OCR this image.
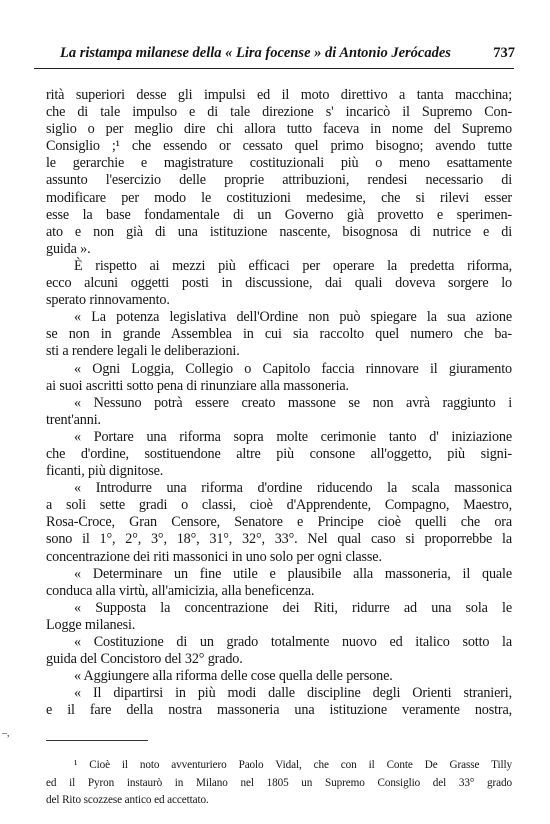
La ristampa milanese della « Lira focense » di Antonio Jerócades	737
rità superiori desse gli impulsi ed il moto direttivo a tanta macchina;
che di tale impulso e di tale direzione s' incaricò il Supremo Con-
siglio o per meglio dire chi allora tutto faceva in nome del Supremo
Consiglio ;¹ che essendo or cessato quel primo bisogno; avendo tutte
le gerarchie e magistrature costituzionali più o meno esattamente
assunto l'esercizio delle proprie attribuzioni, rendesi necessario di
modificare per modo le costituzioni medesime, che si rilevi esser
esse la base fondamentale di un Governo già provetto e sperimen-
ato e non già di una istituzione nascente, bisognosa di nutrice e di
guida ».
È rispetto ai mezzi più efficaci per operare la predetta riforma,
ecco alcuni oggetti posti in discussione, dai quali doveva sorgere lo
sperato rinnovamento.
« La potenza legislativa dell'Ordine non può spiegare la sua azione
se non in grande Assemblea in cui sia raccolto quel numero che ba-
sti a rendere legali le deliberazioni.
« Ogni Loggia, Collegio o Capitolo faccia rinnovare il giuramento
ai suoi ascritti sotto pena di rinunziare alla massoneria.
« Nessuno potrà essere creato massone se non avrà raggiunto i
trent'anni.
« Portare una riforma sopra molte cerimonie tanto d' iniziazione
che d'ordine, sostituendone altre più consone all'oggetto, più signi-
ficanti, più dignitose.
« Introdurre una riforma d'ordine riducendo la scala massonica
a soli sette gradi o classi, cioè d'Apprendente, Compagno, Maestro,
Rosa-Croce, Gran Censore, Senatore e Principe cioè quelli che ora
sono il 1°, 2°, 3°, 18°, 31°, 32°, 33°. Nel qual caso si proporrebbe la
concentrazione dei riti massonici in uno solo per ogni classe.
« Determinare un fine utile e plausibile alla massoneria, il quale
conduca alla virtù, all'amicizia, alla beneficenza.
« Supposta la concentrazione dei Riti, ridurre ad una sola le
Logge milanesi.
« Costituzione di un grado totalmente nuovo ed italico sotto la
guida del Concistoro del 32° grado.
« Aggiungere alla riforma delle cose quella delle persone.
« Il dipartirsi in più modi dalle discipline degli Orienti stranieri,
e il fare della nostra massoneria una istituzione veramente nostra,
–,
¹ Cioè il noto avventuriero Paolo Vidal, che con il Conte De Grasse Tilly
ed il Pyron instaurò in Milano nel 1805 un Supremo Consiglio del 33° grado
del Rito scozzese antico ed accettato.
